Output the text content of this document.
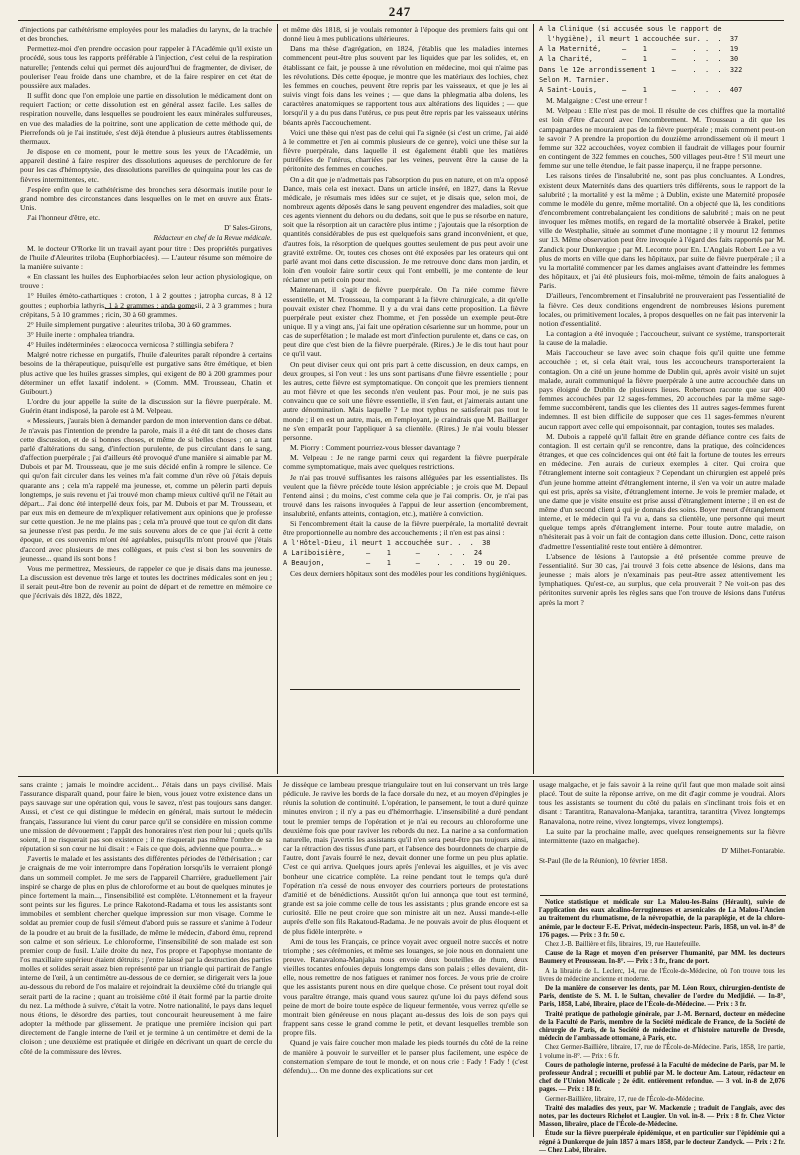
247

d'injections par cathétérisme employées pour les maladies du larynx, de la trachée et des bronches.

Permettez-moi d'en prendre occasion pour rappeler à l'Académie qu'il existe un procédé, sous tous les rapports préférable à l'injection, c'est celui de la respiration naturelle; j'entends celui qui permet dès aujourd'hui de fragmenter, de diviser, de pouleriser l'eau froide dans une chambre, et de la faire respirer en cet état de poussière aux malades.

Il suffit donc que l'on emploie une partie en dissolution le médicament dont on requiert l'action; or cette dissolution est en général assez facile. Les salles de respiration nouvelle, dans lesquelles se poudroient les eaux minérales sulfureuses, en vue des maladies de la poitrine, sont une application de cette méthode qui, de Pierrefonds où je l'ai instituée, s'est déjà étendue à plusieurs autres établissements thermaux.

Je dispose en ce moment, pour le mettre sous les yeux de l'Académie, un appareil destiné à faire respirer des dissolutions aqueuses de perchlorure de fer pour les cas d'hémoptysie, des dissolutions pareilles de quinquina pour les cas de fièvres intermittentes, etc.

J'espère enfin que le cathétérisme des bronches sera désormais inutile pour le grand nombre des circonstances dans lesquelles on le met en œuvre aux États-Unis.

J'ai l'honneur d'être, etc.

D' Sales-Girons,

Rédacteur en chef de la Revue médicale.

M. le docteur O'Rorke lit un travail ayant pour titre : Des propriétés purgatives de l'huile d'Aleurites triloba (Euphorbiacées). — L'auteur résume son mémoire de la manière suivante :

« En classant les huiles des Euphorbiacées selon leur action physiologique, on trouve :

1° Huiles émèto-cathartiques : croton, 1 à 2 gouttes ; jatropha curcas, 8 à 12 gouttes ; euphorbia lathyris, 1 à 2 grammes ; anda gomesii, 2 à 3 grammes ; hura crépitans, 5 à 10 grammes ; ricin, 30 à 60 grammes.

2° Huile simplement purgative : aleurites triloba, 30 à 60 grammes.

3° Huile inerte : omphalea triandra.

4° Huiles indéterminées : elæococca vernicosa ? stillingia sebifera ?

Malgré notre richesse en purgatifs, l'huile d'aleurites paraît répondre à certains besoins de la thérapeutique, puisqu'elle est purgative sans être émétique, et bien plus active que les huiles grasses simples, qui exigent de 80 à 200 grammes pour déterminer un effet laxatif indolent. » (Comm. MM. Trousseau, Chatin et Guibourt.)

L'ordre du jour appelle la suite de la discussion sur la fièvre puerpérale. M. Guérin étant indisposé, la parole est à M. Velpeau.

« Messieurs, j'aurais bien à demander pardon de mon intervention dans ce débat. Je n'avais pas l'intention de prendre la parole, mais il a été dit tant de choses dans cette discussion, et de si bonnes choses, et même de si belles choses ; on a tant parlé d'altérations du sang, d'infection purulente, de pus circulant dans le sang, d'affection puerpérale ; j'ai d'ailleurs été provoqué d'une manière si aimable par M. Dubois et par M. Trousseau, que je me suis décidé enfin à rompre le silence. Ce qui qu'on fait circuler dans les veines m'a fait comme d'un rêve où j'étais depuis quarante ans ; cela m'a rappelé ma jeunesse, et, comme un pèlerin parti depuis longtemps, je suis revenu et j'ai trouvé mon champ mieux cultivé qu'il ne l'était au départ... J'ai donc été interpellé deux fois, par M. Dubois et par M. Trousseau, et par eux mis en demeure de m'expliquer relativement aux opinions que je professe sur cette question. Je ne me plains pas ; cela m'a prouvé que tout ce qu'on dit dans sa jeunesse n'est pas perdu. Je me suis souvenu alors de ce que j'ai écrit à cette époque, et ces souvenirs m'ont été agréables, puisqu'ils m'ont prouvé que j'étais d'accord avec plusieurs de mes collègues, et puis c'est si bon les souvenirs de jeunesse... quand ils sont bons !

Vous me permettrez, Messieurs, de rappeler ce que je disais dans ma jeunesse. La discussion est devenue très large et toutes les doctrines médicales sont en jeu ; il serait peut-être bon de revenir au point de départ et de remettre en mémoire ce que j'écrivais dès 1822, dès 1822,

et même dès 1818, si je voulais remonter à l'époque des premiers faits qui ont donné lieu à mes publications ultérieures.

Dans ma thèse d'agrégation, en 1824, j'établis que les maladies internes commencent peut-être plus souvent par les liquides que par les solides, et, en établissant ce fait, je pousse à une révolution en médecine, moi qui n'aime pas les révolutions. Dès cette époque, je montre que les matériaux des lochies, chez les femmes en couches, peuvent être repris par les vaisseaux, et que je les ai suivis vingt fois dans les veines ; — que dans la phlegmatia alba dolens, les caractères anatomiques se rapportent tous aux altérations des liquides ; — que lorsqu'il y a du pus dans l'utérus, ce pus peut être repris par les vaisseaux utérins béants après l'accouchement.

Voici une thèse qui n'est pas de celui qui l'a signée (si c'est un crime, j'ai aidé à le commettre et j'en ai commis plusieurs de ce genre), voici une thèse sur la fièvre puerpérale, dans laquelle il est également établi que les matières putréfiées de l'utérus, charriées par les veines, peuvent être la cause de la péritonite des femmes en couches.

On a dit que je n'admettais pas l'absorption du pus en nature, et on m'a opposé Dance, mais cela est inexact. Dans un article inséré, en 1827, dans la Revue médicale, je résumais mes idées sur ce sujet, et je disais que, selon moi, de nombreux agents déposés dans le sang peuvent engendrer des maladies, soit que ces agents viennent du dehors ou du dedans, soit que le pus se résorbe en nature, soit que la résorption ait un caractère plus intime ; j'ajoutais que la résorption de quantités considérables de pus est quelquefois sans grand inconvénient, et que, d'autres fois, la résorption de quelques gouttes seulement de pus peut avoir une gravité extrême. Or, toutes ces choses ont été exposées par les orateurs qui ont parlé avant moi dans cette discussion. Je me retrouve donc dans mon jardin, et loin d'en vouloir faire sortir ceux qui l'ont embelli, je me contente de leur réclamer un petit coin pour moi.

Maintenant, il s'agit de fièvre puerpérale. On l'a niée comme fièvre essentielle, et M. Trousseau, la comparant à la fièvre chirurgicale, a dit qu'elle pouvait exister chez l'homme. Il y a du vrai dans cette proposition. La fièvre puerpérale peut exister chez l'homme, et j'en possède un exemple peut-être unique. Il y a vingt ans, j'ai fait une opération césarienne sur un homme, pour un cas de superfétation ; le malade est mort d'infection purulente et, dans ce cas, on peut dire que c'est bien de la fièvre puerpérale. (Rires.) Je le dis tout haut pour ce qu'il vaut.

On peut diviser ceux qui ont pris part à cette discussion, en deux camps, en deux groupes, si l'on veut : les uns sont partisans d'une fièvre essentielle ; pour les autres, cette fièvre est symptomatique. On conçoit que les premiers tiennent au mot fièvre et que les seconds n'en veulent pas. Pour moi, je ne suis pas convaincu que ce soit une fièvre essentielle, il s'en faut, et j'aimerais autant une autre dénomination. Mais laquelle ? Le mot typhus ne satisferait pas tout le monde ; il en est un autre, mais, en l'employant, je craindrais que M. Baillarger ne s'en emparât pour l'appliquer à sa clientèle. (Rires.) Je n'ai voulu blesser personne.

M. Piorry : Comment pourriez-vous blesser davantage ?

M. Velpeau : Je ne range parmi ceux qui regardent la fièvre puerpérale comme symptomatique, mais avec quelques restrictions.

Je n'ai pas trouvé suffisantes les raisons alléguées par les essentialistes. Ils veulent que la fièvre précède toute lésion appréciable ; je crois que M. Depaul l'entend ainsi ; du moins, c'est comme cela que je l'ai compris. Or, je n'ai pas trouvé dans les raisons invoquées à l'appui de leur assertion (encombrement, insalubrité, enfants atteints, contagion, etc.), matière à conviction.

Si l'encombrement était la cause de la fièvre puerpérale, la mortalité devrait être proportionnelle au nombre des accouchements ; il n'en est pas ainsi :

A l'Hôtel-Dieu, il meurt 1 accouchée sur. .  .  38

A Lariboisière,     —    1      —    .  .  .  24

A Beaujon,          —    1      —    .  .  .  19 ou 20.

Ces deux derniers hôpitaux sont des modèles pour les conditions hygiéniques.

A la Clinique (si accusée sous le rapport de

l'hygiène), il meurt 1 accouchée sur. .  .  37

A la Maternité,     —    1      —    .  .  .  19

A la Charité,       —    1      —    .  .  .  30

Dans le 12e arrondissement 1    —    .  .  .  322

Selon M. Tarnier.

A Saint-Louis,      —    1      —    .  .  .  407

M. Malgaigne : C'est une erreur !

M. Velpeau : Elle n'est pas de moi. Il résulte de ces chiffres que la mortalité est loin d'être d'accord avec l'encombrement. M. Trousseau a dit que les campagnardes ne mouraient pas de la fièvre puerpérale ; mais comment peut-on le savoir ? A prendre la proportion du douzième arrondissement où il meurt 1 femme sur 322 accouchées, voyez combien il faudrait de villages pour fournir en contingent de 322 femmes en couches, 500 villages peut-être ! S'il meurt une femme sur une telle étendue, le fait passe inaperçu, il ne frappe personne.

Les raisons tirées de l'insalubrité ne, sont pas plus concluantes. A Londres, existent deux Maternités dans des quartiers très différents, sous le rapport de la salubrité ; la mortalité y est la même ; à Dublin, existe une Maternité proposée comme le modèle du genre, même mortalité. On a objecté que là, les conditions d'encombrement contrebalançaient les conditions de salubrité ; mais on ne peut invoquer les mêmes motifs, en regard de la mortalité observée à Brakel, petite ville de Westphalie, située au sommet d'une montagne ; il y mourut 12 femmes sur 13. Même observation peut être invoquée à l'égard des faits rapportés par M. Zandick pour Dunkerque ; par M. Lecomte pour En. L'Anglais Robert Lee a vu plus de morts en ville que dans les hôpitaux, par suite de fièvre puerpérale ; il a vu la mortalité commencer par les dames anglaises avant d'atteindre les femmes des hôpitaux, et j'ai été plusieurs fois, moi-même, témoin de faits analogues à Paris.

D'ailleurs, l'encombrement et l'insalubrité ne prouveraient pas l'essentialité de la fièvre. Ces deux conditions engendrent de nombreuses lésions purement locales, ou primitivement locales, à propos desquelles on ne fait pas intervenir la notion d'essentialité.

La contagion a été invoquée ; l'accoucheur, suivant ce système, transporterait la cause de la maladie.

Mais l'accoucheur se lave avec soin chaque fois qu'il quitte une femme accouchée ; et, si cela était vrai, tous les accoucheurs transporteraient la contagion. On a cité un jeune homme de Dublin qui, après avoir visité un sujet malade, aurait communiqué la fièvre puerpérale à une autre accouchée dans un pays éloigné de Dublin de plusieurs lieues. Robertson raconte que sur 400 femmes accouchées par 12 sages-femmes, 20 accouchées par la même sage-femme succombèrent, tandis que les clientes des 11 autres sages-femmes furent indemnes. Il est bien difficile de supposer que ces 11 sages-femmes n'eurent aucun rapport avec celle qui empoisonnait, par contagion, toutes ses malades.

M. Dubois a rappelé qu'il fallait être en grande défiance contre ces faits de contagion. Il est certain qu'il se rencontre, dans la pratique, des coïncidences étranges, et que ces coïncidences qui ont été fait la fortune de toutes les erreurs en médecine. J'en aurais de curieux exemples à citer. Qui croira que l'étranglement interne soit contagieux ? Cependant un chirurgien est appelé près d'un jeune homme atteint d'étranglement interne, il s'en va voir un autre malade qui est pris, après sa visite, d'étranglement interne. Je vois le premier malade, et une dame que je visite ensuite est prise aussi d'étranglement interne ; il en est de même d'un second client à qui je donnais des soins. Boyer meurt d'étranglement interne, et le médecin qui l'a vu a, dans sa clientèle, une personne qui meurt quelque temps après d'étranglement interne. Pour toute autre maladie, on n'hésiterait pas à voir un fait de contagion dans cette illusion. Donc, cette raison d'admettre l'essentialité reste tout entière à démontrer.

L'absence de lésions à l'autopsie a été présentée comme preuve de l'essentialité. Sur 30 cas, j'ai trouvé 3 fois cette absence de lésions, dans ma jeunesse ; mais alors je n'examinais pas peut-être assez attentivement les lymphatiques. Qu'est-ce, au surplus, que cela prouverait ? Ne voit-on pas des péritonites survenir après les règles sans que l'on trouve de lésions dans l'utérus après la mort ?

sans crainte ; jamais le moindre accident... J'étais dans un pays civilisé. Mais l'assurance disparaît quand, pour faire le bien, vous jouez votre existence dans un pays sauvage sur une opération qui, vous le savez, n'est pas toujours sans danger. Aussi, et c'est ce qui distingue le médecin en général, mais surtout le médecin français, l'assurance lui vient du cœur parce qu'il se considère en mission comme une mission de dévouement ; l'appât des honoraires n'est rien pour lui ; quels qu'ils soient, il ne risquerait pas son existence ; il ne risquerait pas même l'ombre de sa réputation si son cœur ne lui disait : « Fais ce que dois, advienne que pourra... »

J'avertis le malade et les assistants des différentes périodes de l'éthérisation ; car je craignais de me voir interrompre dans l'opération lorsqu'ils le verraient plongé dans un sommeil complet. Je me sers de l'appareil Charrière, graduellement j'air inspiré se charge de plus en plus de chloroforme et au bout de quelques minutes je pince fortement la main..., l'insensibilité est complète. L'étonnement et la frayeur sont peints sur les figures. Le prince Rakotond-Radama et tous les assistants sont immobiles et semblent chercher quelque impression sur mon visage. Comme le soldat au premier coup de fusil s'émeut d'abord puis se rassure et s'anime à l'odeur de la poudre et au bruit de la fusillade, de même le médecin, d'abord ému, reprend son calme et son sérieux. Le chloroforme, l'insensibilité de son malade est son premier coup de fusil. L'aile droite du nez, l'os propre et l'apophyse montante de l'os maxillaire supérieur étaient détruits ; j'entre laissé par la destruction des parties molles et solides serait assez bien représenté par un triangle qui partirait de l'angle interne de l'œil, à un centimètre au-dessous de ce dernier, se dirigerait vers la joue au-dessous du rebord de l'os malaire et rejoindrait la deuxième côté du triangle qui serait parti de la racine ; quant au troisième côté il était formé par la partie droite du nez. La méthode à suivre, c'était la votre. Notre nationalité, le pays dans lequel nous étions, le désordre des parties, tout concourait heureusement à me faire adopter la méthode par glissement. Je pratique une première incision qui part directement de l'angle interne de l'œil et je termine à un centimètre et demi de la cloison ; une deuxième est pratiquée et dirigée en décrivant un quart de cercle du côté de la commissure des lèvres.

Je dissèque ce lambeau presque triangulaire tout en lui conservant un très large pédicule. Je ravive les bords de la face dorsale du nez, et au moyen d'épingles je réunis la solution de continuité. L'opération, le pansement, le tout a duré quinze minutes environ ; il n'y a pas eu d'hémorrhagie. L'insensibilité a duré pendant tout le premier temps de l'opération et je n'ai eu recours au chloroforme une deuxième fois que pour raviver les rebords du nez. La narine a sa conformation naturelle, mais j'avertis les assistants qu'il n'en sera peut-être pas toujours ainsi, car la rétraction des tissus d'une part, et l'absence des bourdonnets de charpie de l'autre, dont j'avais fourré le nez, devait donner une forme un peu plus aplatie. C'est ce qui arriva. Quelques jours après j'enlevai les aiguilles, et je vis avec bonheur une cicatrice complète. La reine pendant tout le temps qu'a duré l'opération n'a cessé de nous envoyer des courriers porteurs de protestations d'amitié et de bénédictions. Aussitôt qu'on lui annonça que tout est terminé, grande est sa joie comme celle de tous les assistants ; plus grande encore est sa curiosité. Elle ne peut croire que son ministre ait un nez. Aussi mande-t-elle auprès d'elle son fils Rakatoud-Radama. Je ne pouvais avoir de plus éloquent et de plus fidèle interprète. »

Ami de tous les Français, ce prince voyait avec orgueil notre succès et notre triomphe ; ses cérémonies, et même ses louanges, se joie nous en donnaient une preuve. Ranavalona-Manjaka nous envoie deux bouteilles de rhum, deux vieilles tocantes enfouies depuis longtemps dans son palais ; elles devaient, dit-elle, nous remettre de nos fatigues et ranimer nos forces. Je vous prie de croire que les assistants purent nous en dire quelque chose. Ce présent tout royal doit vous paraître étrange, mais quand vous saurez qu'une loi du pays défend sous peine de mort de boire toute espèce de liqueur fermentée, vous verrez qu'elle se montrait bien généreuse en nous plaçant au-dessus des lois de son pays qui frappent sans cesse le grand comme le petit, et devant lesquelles tremble son propre fils.

Quand je vais faire coucher mon malade les pieds tournés du côté de la reine de manière à pouvoir le surveiller et le panser plus facilement, une espèce de consternation s'empare de tout le monde, et on nous crie : Fady ! Fady ! (c'est défendu).... On me donne des explications sur cet

usage malgache, et je fais savoir à la reine qu'il faut que mon malade soit ainsi placé. Tout de suite la réponse arrive, on me dit d'agir comme je voudrai. Alors tous les assistants se tournent du côté du palais en s'inclinant trois fois et en disant : Tarantitra, Ranavalona-Manjaka, tarantitra, tarantitra (Vivez longtemps Ranavalona, notre reine, vivez longtemps, vivez longtemps).

La suite par la prochaine malle, avec quelques renseignements sur la fièvre intermittente (tazo en malgache).

D' Milhet-Fontarabie.

St-Paul (île de la Réunion), 10 février 1858.

Notice statistique et médicale sur La Malou-les-Bains (Hérault), suivie de l'application des eaux alcalino-ferrugineuses et arsenicales de La Malou-l'Ancien au traitement du rhumatisme, de la névropathie, de la paraplégie, et de la chloro-anémie, par le docteur F.-E. Privat, médecin-inspecteur. Paris, 1858, un vol. in-8° de 176 pages. — Prix : 3 fr. 50 c.

Chez J.-B. Baillière et fils, libraires, 19, rue Hautefeuille.

Cause de la Rage et moyen d'en préserver l'humanité, par MM. les docteurs Baumery et Prousseau. In-8°. — Prix : 3 fr., franc de port.

A la librairie de L. Leclerc, 14, rue de l'École-de-Médecine, où l'on trouve tous les livres de médecine ancienne et moderne.

De la manière de conserver les dents, par M. Léon Roux, chirurgien-dentiste de Paris, dentiste de S. M. I. le Sultan, chevalier de l'ordre du Medjidié. — In-8°, Paris, 1858, Labé, libraire, place de l'École-de-Médecine. — Prix : 3 fr.

Traité pratique de pathologie générale, par J.-M. Bernard, docteur en médecine de la Faculté de Paris, membre de la Société médicale de France, de la Société de chirurgie de Paris, de la Société de médecine et d'histoire naturelle de Dresde, médecin de l'ambassade ottomane, à Paris, etc.

Chez Germer-Baillière, libraire, 17, rue de l'École-de-Médecine. Paris, 1858, 1re partie, 1 volume in-8°. — Prix : 6 fr.

Cours de pathologie interne, professé à la Faculté de médecine de Paris, par M. le professeur Andral ; recueilli et publié par M. le docteur Am. Latour, rédacteur en chef de l'Union Médicale ; 2e édit. entièrement refondue. — 3 vol. in-8 de 2,076 pages. — Prix : 18 fr.

Germer-Baillière, libraire, 17, rue de l'École-de-Médecine.

Traité des maladies des yeux, par W. Mackenzie ; traduit de l'anglais, avec des notes, par les docteurs Richelot et Laugier. Un vol. in-8. — Prix : 8 fr. Chez Victor Masson, libraire, place de l'École-de-Médecine.

Étude sur la fièvre puerpérale épidémique, et en particulier sur l'épidémie qui a régné à Dunkerque de juin 1857 à mars 1858, par le docteur Zandyck. — Prix : 2 fr. — Chez Labé, libraire.
